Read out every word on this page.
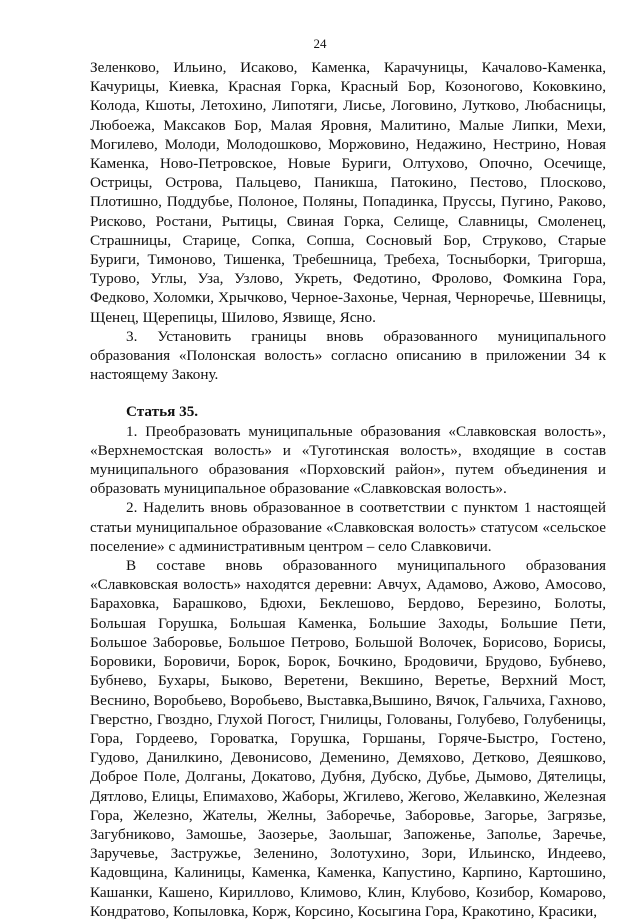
24

Зеленково, Ильино, Исаково, Каменка, Карачуницы, Качалово-Каменка, Качурицы, Киевка, Красная Горка, Красный Бор, Козоногово, Коковкино, Колода, Кшоты, Летохино, Липотяги, Лисье, Логовино, Лутково, Любасницы, Любоежа, Максаков Бор, Малая Яровня, Малитино, Малые Липки, Мехи, Могилево, Молоди, Молодошково, Моржовино, Недажино, Нестрино, Новая Каменка, Ново-Петровское, Новые Буриги, Олтухово, Опочно, Осечище, Острицы, Острова, Пальцево, Паникша, Патокино, Пестово, Плосково, Плотишно, Поддубье, Полоное, Поляны, Попадинка, Пруссы, Пугино, Раково, Рисково, Ростани, Рытицы, Свиная Горка, Селище, Славницы, Смоленец, Страшницы, Старице, Сопка, Сопша, Сосновый Бор, Струково, Старые Буриги, Тимоново, Тишенка, Требешница, Требеха, Тосныборки, Тригорша, Турово, Углы, Уза, Узлово, Укреть, Федотино, Фролово, Фомкина Гора, Федково, Холомки, Хрычково, Черное-Захонье, Черная, Черноречье, Шевницы, Щенец, Щерепицы, Шилово, Язвище, Ясно.

3. Установить границы вновь образованного муниципального образования «Полонская волость» согласно описанию в приложении 34 к настоящему Закону.

Статья 35.

1. Преобразовать муниципальные образования «Славковская волость», «Верхнемостская волость» и «Туготинская волость», входящие в состав муниципального образования «Порховский район», путем объединения и образовать муниципальное образование «Славковская волость».

2. Наделить вновь образованное в соответствии с пунктом 1 настоящей статьи муниципальное образование «Славковская волость» статусом «сельское поселение» с административным центром – село Славковичи.

В составе вновь образованного муниципального образования «Славковская волость» находятся деревни: Авчух, Адамово, Ажово, Амосово, Бараховка, Барашково, Бдюхи, Беклешово, Бердово, Березино, Болоты, Большая Горушка, Большая Каменка, Большие Заходы, Большие Пети, Большое Заборовье, Большое Петрово, Большой Волочек, Борисово, Борисы, Боровики, Боровичи, Борок, Борок, Бочкино, Бродовичи, Брудово, Бубнево, Бубнево, Бухары, Быково, Веретени, Векшино, Веретье, Верхний Мост, Веснино, Воробьево, Воробьево, Выставка,Вышино, Вячок, Гальчиха, Гахново, Гверстно, Гвоздно, Глухой Погост, Гнилицы, Голованы, Голубево, Голубеницы, Гора, Гордеево, Гороватка, Горушка, Горшаны, Горяче-Быстро, Гостено, Гудово, Данилкино, Девонисово, Деменино, Демяхово, Детково, Деяшково, Доброе Поле, Долганы, Докатово, Дубня, Дубско, Дубье, Дымово, Дятелицы, Дятлово, Елицы, Епимахово, Жаборы, Жгилево, Жегово, Желавкино, Железная Гора, Железно, Жателы, Желны, Заборечье, Заборовье, Загорье, Загрязье, Загубниково, Замошье, Заозерье, Заольшаг, Запоженье, Заполье, Заречье, Заручевье, Застружье, Зеленино, Золотухино, Зори, Ильинско, Индеево, Кадовщина, Калиницы, Каменка, Каменка, Капустино, Карпино, Картошино, Кашанки, Кашено, Кириллово, Климово, Клин, Клубово, Козибор, Комарово, Кондратово, Копыловка, Корж, Корсино, Косыгина Гора, Кракотино, Красики,
